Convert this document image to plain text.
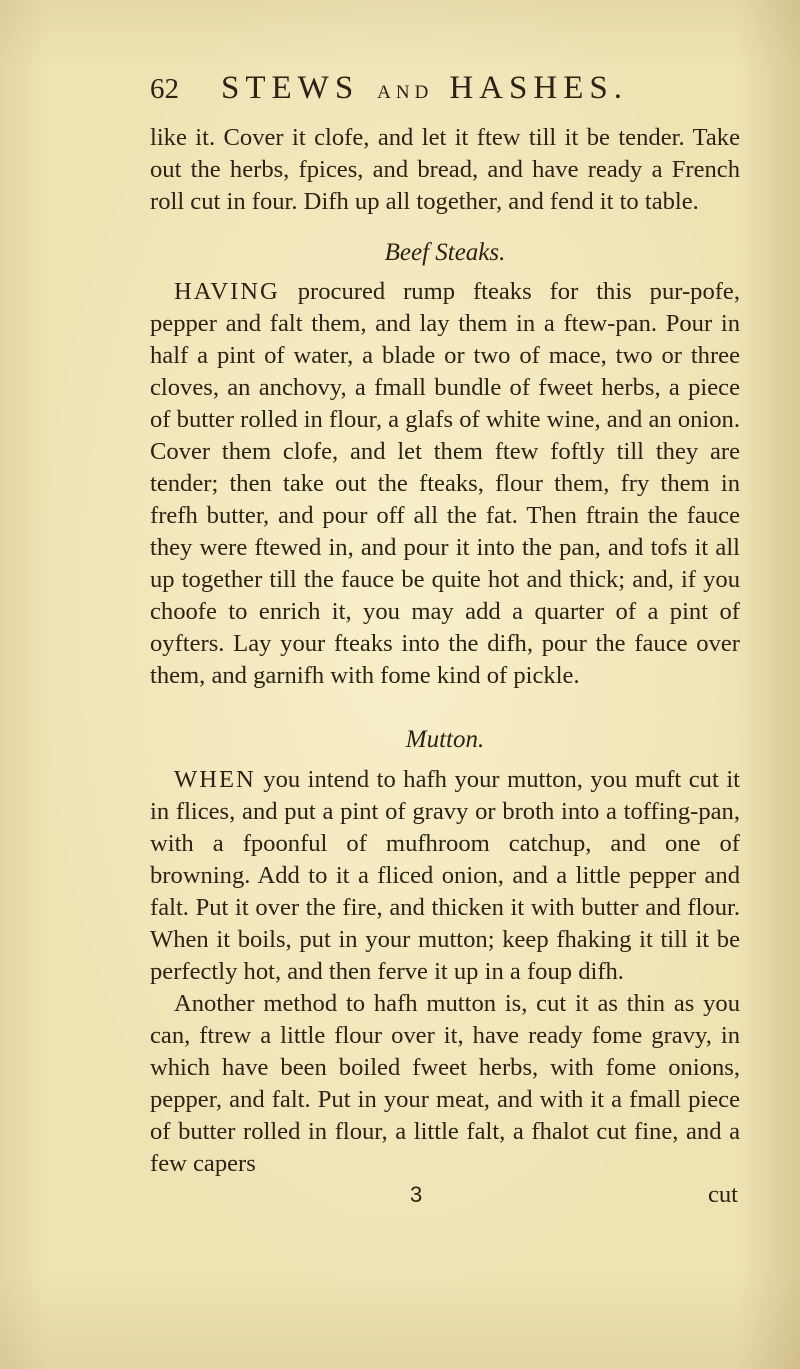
62 STEWS AND HASHES.

like it. Cover it clofe, and let it ftew till it be tender. Take out the herbs, fpices, and bread, and have ready a French roll cut in four. Difh up all together, and fend it to table.

Beef Steaks.

HAVING procured rump fteaks for this pur-pofe, pepper and falt them, and lay them in a ftew-pan. Pour in half a pint of water, a blade or two of mace, two or three cloves, an anchovy, a fmall bundle of fweet herbs, a piece of butter rolled in flour, a glafs of white wine, and an onion. Cover them clofe, and let them ftew foftly till they are tender; then take out the fteaks, flour them, fry them in frefh butter, and pour off all the fat. Then ftrain the fauce they were ftewed in, and pour it into the pan, and tofs it all up together till the fauce be quite hot and thick; and, if you choofe to enrich it, you may add a quarter of a pint of oyfters. Lay your fteaks into the difh, pour the fauce over them, and garnifh with fome kind of pickle.

Mutton.

WHEN you intend to hafh your mutton, you muft cut it in flices, and put a pint of gravy or broth into a toffing-pan, with a fpoonful of mufhroom catchup, and one of browning. Add to it a fliced onion, and a little pepper and falt. Put it over the fire, and thicken it with butter and flour. When it boils, put in your mutton; keep fhaking it till it be perfectly hot, and then ferve it up in a foup difh.

Another method to hafh mutton is, cut it as thin as you can, ftrew a little flour over it, have ready fome gravy, in which have been boiled fweet herbs, with fome onions, pepper, and falt. Put in your meat, and with it a fmall piece of butter rolled in flour, a little falt, a fhalot cut fine, and a few capers

3	cut
